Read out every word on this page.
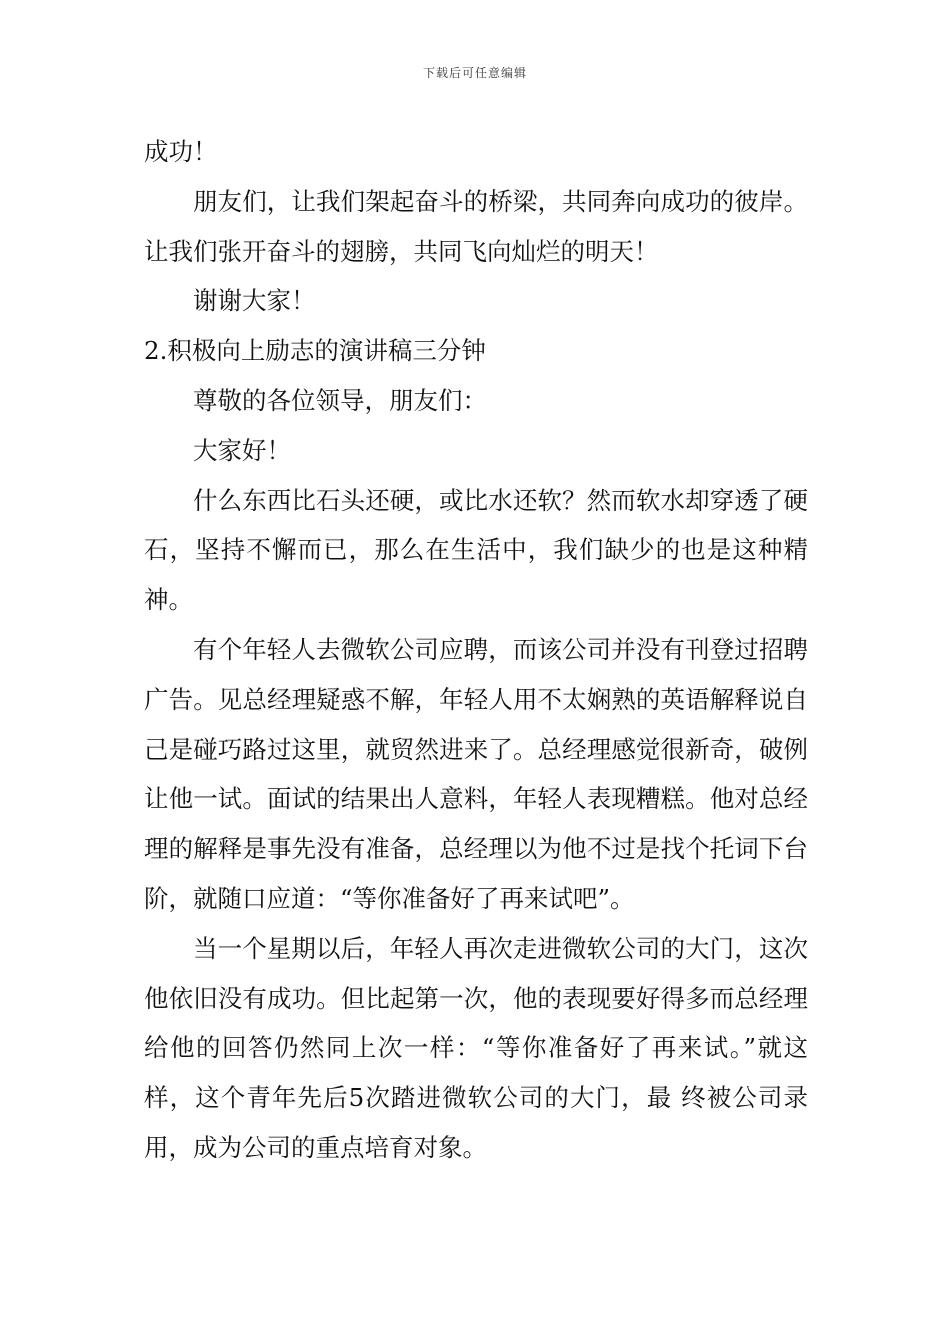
下载后可任意编辑

成功！

朋友们，让我们架起奋斗的桥梁，共同奔向成功的彼岸。让我们张开奋斗的翅膀，共同飞向灿烂的明天！

谢谢大家！

2.积极向上励志的演讲稿三分钟

尊敬的各位领导，朋友们：

大家好！

什么东西比石头还硬，或比水还软？然而软水却穿透了硬石，坚持不懈而已，那么在生活中，我们缺少的也是这种精神。

有个年轻人去微软公司应聘，而该公司并没有刊登过招聘广告。见总经理疑惑不解，年轻人用不太娴熟的英语解释说自己是碰巧路过这里，就贸然进来了。总经理感觉很新奇，破例让他一试。面试的结果出人意料，年轻人表现糟糕。他对总经理的解释是事先没有准备，总经理以为他不过是找个托词下台阶，就随口应道：“等你准备好了再来试吧”。

当一个星期以后，年轻人再次走进微软公司的大门，这次他依旧没有成功。但比起第一次，他的表现要好得多而总经理给他的回答仍然同上次一样：“等你准备好了再来试。”就这样，这个青年先后5次踏进微软公司的大门，最 终被公司录用，成为公司的重点培育对象。
